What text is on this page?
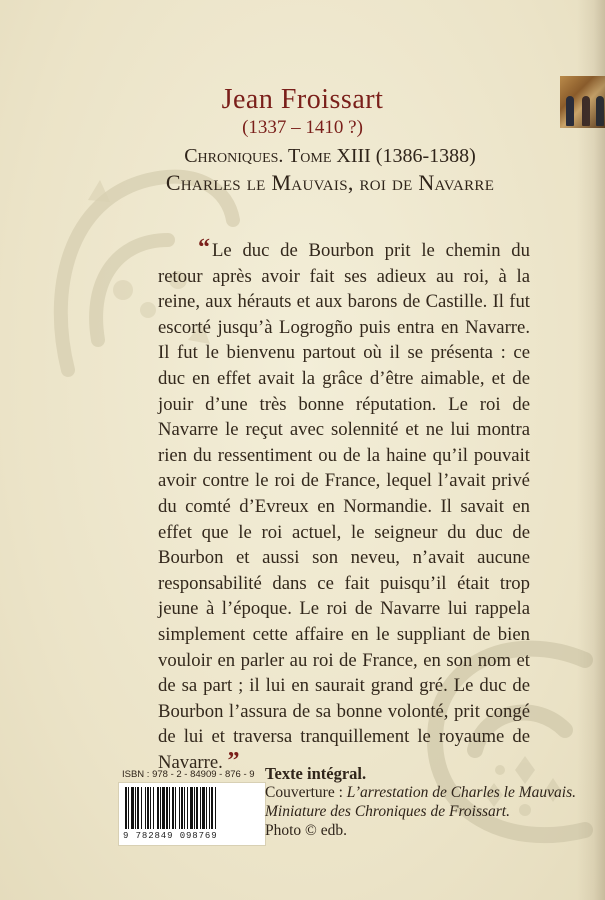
Jean Froissart
(1337 – 1410 ?)
Chroniques. Tome XIII (1386-1388)
Charles le Mauvais, roi de Navarre
“ Le duc de Bourbon prit le chemin du retour après avoir fait ses adieux au roi, à la reine, aux hérauts et aux barons de Castille. Il fut escorté jusqu’à Logrogño puis entra en Navarre. Il fut le bienvenu partout où il se présenta : ce duc en effet avait la grâce d’être aimable, et de jouir d’une très bonne réputation. Le roi de Navarre le reçut avec solennité et ne lui montra rien du ressentiment ou de la haine qu’il pouvait avoir contre le roi de France, lequel l’avait privé du comté d’Evreux en Normandie. Il savait en effet que le roi actuel, le seigneur du duc de Bourbon et aussi son neveu, n’avait aucune responsabilité dans ce fait puisqu’il était trop jeune à l’époque. Le roi de Navarre lui rappela simplement cette affaire en le suppliant de bien vouloir en parler au roi de France, en son nom et de sa part ; il lui en saurait grand gré. Le duc de Bourbon l’assura de sa bonne volonté, prit congé de lui et traversa tranquillement le royaume de Navarre. ”
ISBN : 978 - 2 - 84909 - 876 - 9
9 782849 098769
Texte intégral.
Couverture : L’arrestation de Charles le Mauvais.
Miniature des Chroniques de Froissart.
Photo © edb.
